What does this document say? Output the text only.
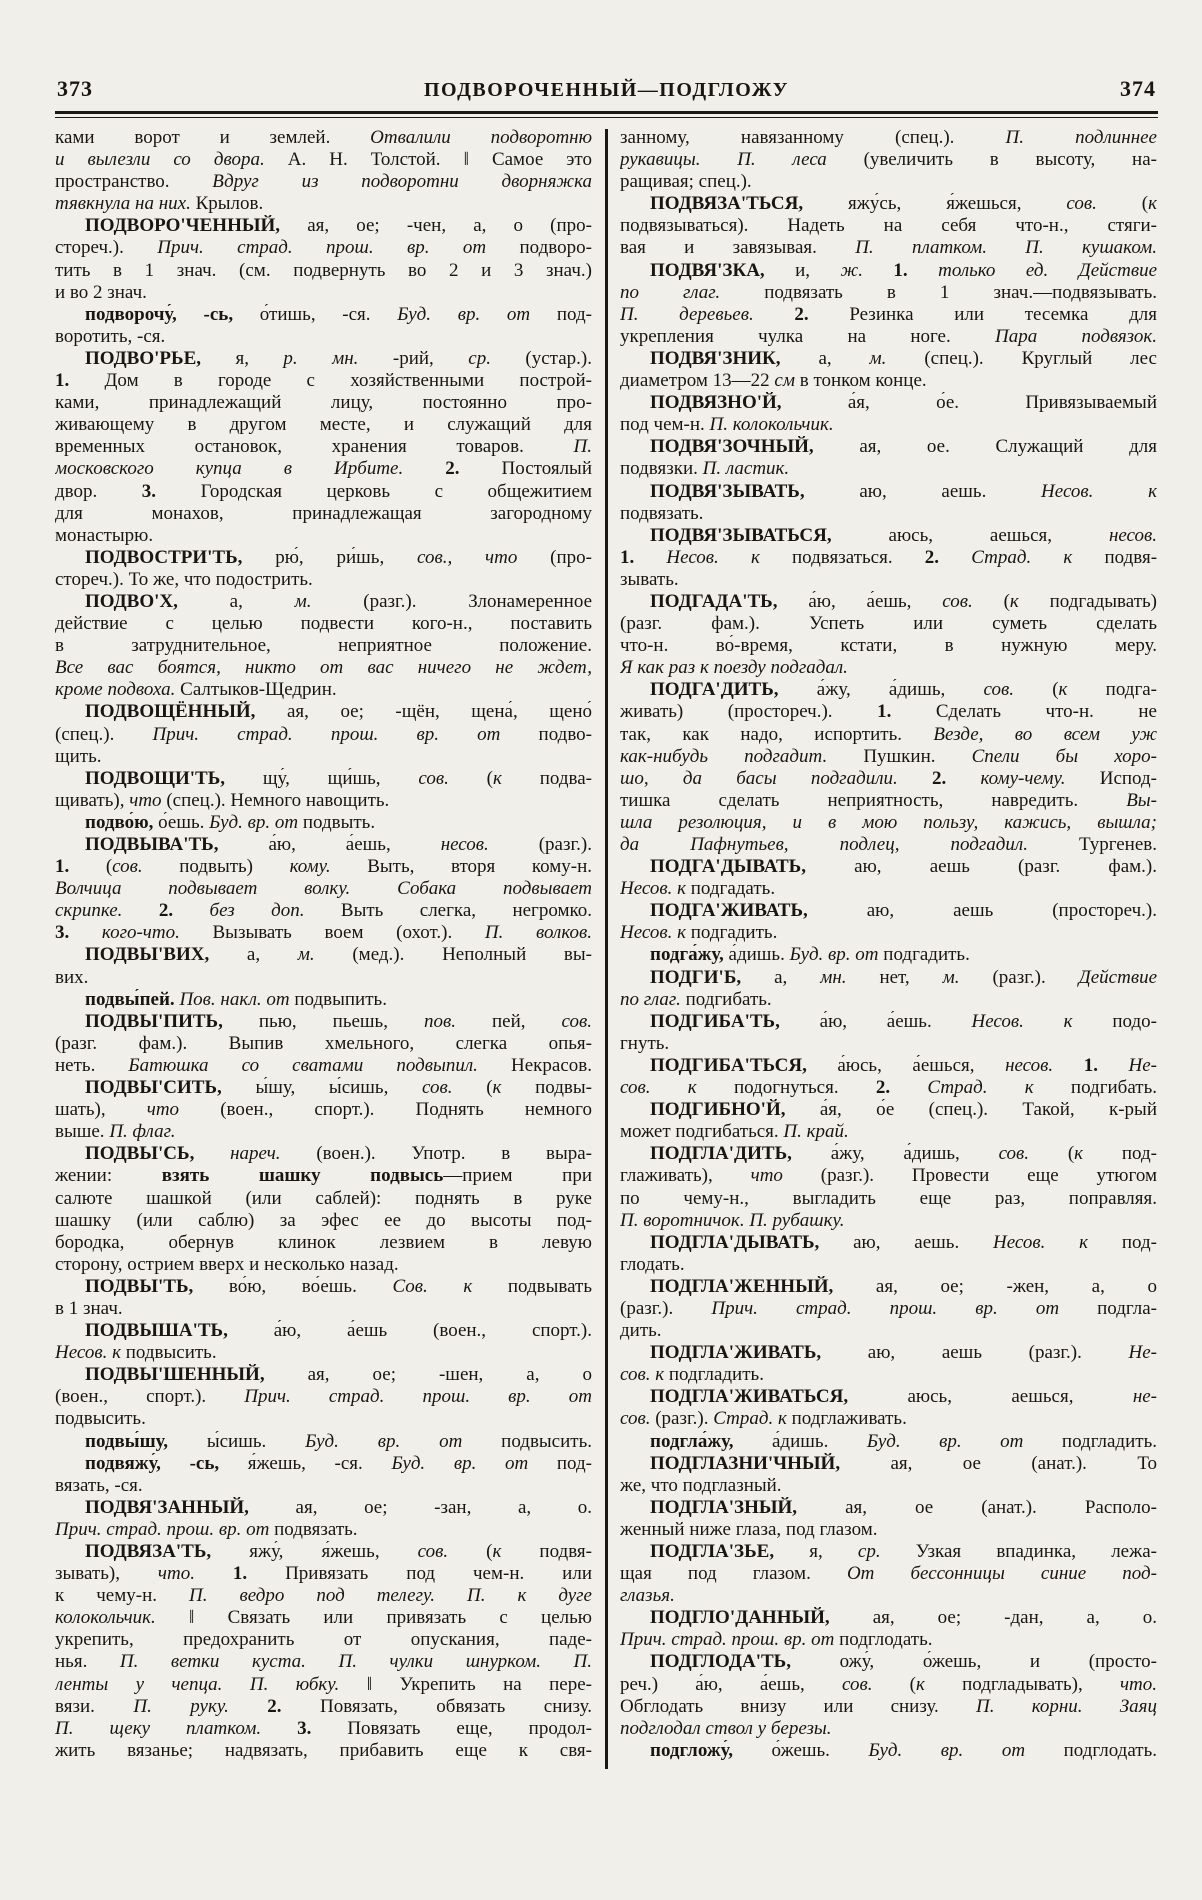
373	ПОДВОРОЧЕННЫЙ—ПОДГЛОЖУ	374
ками ворот и землей. Отвалили подворотню
и вылезли со двора. А. Н. Толстой. ‖ Самое это
пространство. Вдруг из подворотни дворняжка
тявкнула на них. Крылов.
ПОДВОРО'ЧЕННЫЙ, ая, ое; -чен, а, о (про-
стореч.). Прич. страд. прош. вр. от подворо-
тить в 1 знач. (см. подвернуть во 2 и 3 знач.)
и во 2 знач.
подворочу́, -сь, о́тишь, -ся. Буд. вр. от под-
воротить, -ся.
ПОДВО'РЬЕ, я, р. мн. -рий, ср. (устар.).
1. Дом в городе с хозяйственными построй-
ками, принадлежащий лицу, постоянно про-
живающему в другом месте, и служащий для
временных остановок, хранения товаров. П.
московского купца в Ирбите. 2. Постоялый
двор. 3. Городская церковь с общежитием
для монахов, принадлежащая загородному
монастырю.
ПОДВОСТРИ'ТЬ, рю́, ри́шь, сов., что (про-
стореч.). То же, что подострить.
ПОДВО'Х, а, м. (разг.). Злонамеренное
действие с целью подвести кого-н., поставить
в затруднительное, неприятное положение.
Все вас боятся, никто от вас ничего не ждет,
кроме подвоха. Салтыков-Щедрин.
ПОДВОЩЁННЫЙ, ая, ое; -щён, щена́, щено́
(спец.). Прич. страд. прош. вр. от подво-
щить.
ПОДВОЩИ'ТЬ, щу́, щи́шь, сов. (к подва-
щивать), что (спец.). Немного навощить.
подво́ю, о́ешь. Буд. вр. от подвыть.
ПОДВЫВА'ТЬ, а́ю, а́ешь, несов. (разг.).
1. (сов. подвыть) кому. Выть, вторя кому-н.
Волчица подвывает волку. Собака подвывает
скрипке. 2. без доп. Выть слегка, негромко.
3. кого-что. Вызывать воем (охот.). П. волков.
ПОДВЫ'ВИХ, а, м. (мед.). Неполный вы-
вих.
подвы́пей. Пов. накл. от подвыпить.
ПОДВЫ'ПИТЬ, пью, пьешь, пов. пей, сов.
(разг. фам.). Выпив хмельного, слегка опья-
неть. Батюшка со сватами подвыпил. Некрасов.
ПОДВЫ'СИТЬ, ы́шу, ы́сишь, сов. (к подвы-
шать), что (воен., спорт.). Поднять немного
выше. П. флаг.
ПОДВЫ'СЬ, нареч. (воен.). Употр. в выра-
жении: взять шашку подвысь—прием при
салюте шашкой (или саблей): поднять в руке
шашку (или саблю) за эфес ее до высоты под-
бородка, обернув клинок лезвием в левую
сторону, острием вверх и несколько назад.
ПОДВЫ'ТЬ, во́ю, во́ешь. Сов. к подвывать
в 1 знач.
ПОДВЫША'ТЬ, а́ю, а́ешь (воен., спорт.).
Несов. к подвысить.
ПОДВЫ'ШЕННЫЙ, ая, ое; -шен, а, о
(воен., спорт.). Прич. страд. прош. вр. от
подвысить.
подвы́шу, ы́сишь. Буд. вр. от подвысить.
подвяжу́, -сь, я́жешь, -ся. Буд. вр. от под-
вязать, -ся.
ПОДВЯ'ЗАННЫЙ, ая, ое; -зан, а, о.
Прич. страд. прош. вр. от подвязать.
ПОДВЯЗА'ТЬ, яжу́, я́жешь, сов. (к подвя-
зывать), что. 1. Привязать под чем-н. или
к чему-н. П. ведро под телегу. П. к дуге
колокольчик. ‖ Связать или привязать с целью
укрепить, предохранить от опускания, паде-
нья. П. ветки куста. П. чулки шнурком. П.
ленты у чепца. П. юбку. ‖ Укрепить на пере-
вязи. П. руку. 2. Повязать, обвязать снизу.
П. щеку платком. 3. Повязать еще, продол-
жить вязанье; надвязать, прибавить еще к свя-
занному, навязанному (спец.). П. подлиннее
рукавицы. П. леса (увеличить в высоту, на-
ращивая; спец.).
ПОДВЯЗА'ТЬСЯ, яжу́сь, я́жешься, сов. (к
подвязываться). Надеть на себя что-н., стяги-
вая и завязывая. П. платком. П. кушаком.
ПОДВЯ'ЗКА, и, ж. 1. только ед. Действие
по глаг. подвязать в 1 знач.—подвязывать.
П. деревьев. 2. Резинка или тесемка для
укрепления чулка на ноге. Пара подвязок.
ПОДВЯ'ЗНИК, а, м. (спец.). Круглый лес
диаметром 13—22 см в тонком конце.
ПОДВЯЗНО'Й, а́я, о́е. Привязываемый
под чем-н. П. колокольчик.
ПОДВЯ'ЗОЧНЫЙ, ая, ое. Служащий для
подвязки. П. ластик.
ПОДВЯ'ЗЫВАТЬ, аю, аешь. Несов. к
подвязать.
ПОДВЯ'ЗЫВАТЬСЯ, аюсь, аешься, несов.
1. Несов. к подвязаться. 2. Страд. к подвя-
зывать.
ПОДГАДА'ТЬ, а́ю, а́ешь, сов. (к подгадывать)
(разг. фам.). Успеть или суметь сделать
что-н. во́-время, кстати, в нужную меру.
Я как раз к поезду подгадал.
ПОДГА'ДИТЬ, а́жу, а́дишь, сов. (к подга-
живать) (простореч.). 1. Сделать что-н. не
так, как надо, испортить. Везде, во всем уж
как-нибудь подгадит. Пушкин. Спели бы хоро-
шо, да басы подгадили. 2. кому-чему. Испод-
тишка сделать неприятность, навредить. Вы-
шла резолюция, и в мою пользу, кажись, вышла;
да Пафнутьев, подлец, подгадил. Тургенев.
ПОДГА'ДЫВАТЬ, аю, аешь (разг. фам.).
Несов. к подгадать.
ПОДГА'ЖИВАТЬ, аю, аешь (простореч.).
Несов. к подгадить.
подга́жу, а́дишь. Буд. вр. от подгадить.
ПОДГИ'Б, а, мн. нет, м. (разг.). Действие
по глаг. подгибать.
ПОДГИБА'ТЬ, а́ю, а́ешь. Несов. к подо-
гнуть.
ПОДГИБА'ТЬСЯ, а́юсь, а́ешься, несов. 1. Не-
сов. к подогнуться. 2. Страд. к подгибать.
ПОДГИБНО'Й, а́я, о́е (спец.). Такой, к-рый
может подгибаться. П. край.
ПОДГЛА'ДИТЬ, а́жу, а́дишь, сов. (к под-
глаживать), что (разг.). Провести еще утюгом
по чему-н., выгладить еще раз, поправляя.
П. воротничок. П. рубашку.
ПОДГЛА'ДЫВАТЬ, аю, аешь. Несов. к под-
глодать.
ПОДГЛА'ЖЕННЫЙ, ая, ое; -жен, а, о
(разг.). Прич. страд. прош. вр. от подгла-
дить.
ПОДГЛА'ЖИВАТЬ, аю, аешь (разг.). Не-
сов. к подгладить.
ПОДГЛА'ЖИВАТЬСЯ, аюсь, аешься, не-
сов. (разг.). Страд. к подглаживать.
подгла́жу, а́дишь. Буд. вр. от подгладить.
ПОДГЛАЗНИ'ЧНЫЙ, ая, ое (анат.). То
же, что подглазный.
ПОДГЛА'ЗНЫЙ, ая, ое (анат.). Располо-
женный ниже глаза, под глазом.
ПОДГЛА'ЗЬЕ, я, ср. Узкая впадинка, лежа-
щая под глазом. От бессонницы синие под-
глазья.
ПОДГЛО'ДАННЫЙ, ая, ое; -дан, а, о.
Прич. страд. прош. вр. от подглодать.
ПОДГЛОДА'ТЬ, ожу́, о́жешь, и (просто-
реч.) а́ю, а́ешь, сов. (к подгладывать), что.
Обглодать внизу или снизу. П. корни. Заяц
подглодал ствол у березы.
подгложу́, о́жешь. Буд. вр. от подглодать.
